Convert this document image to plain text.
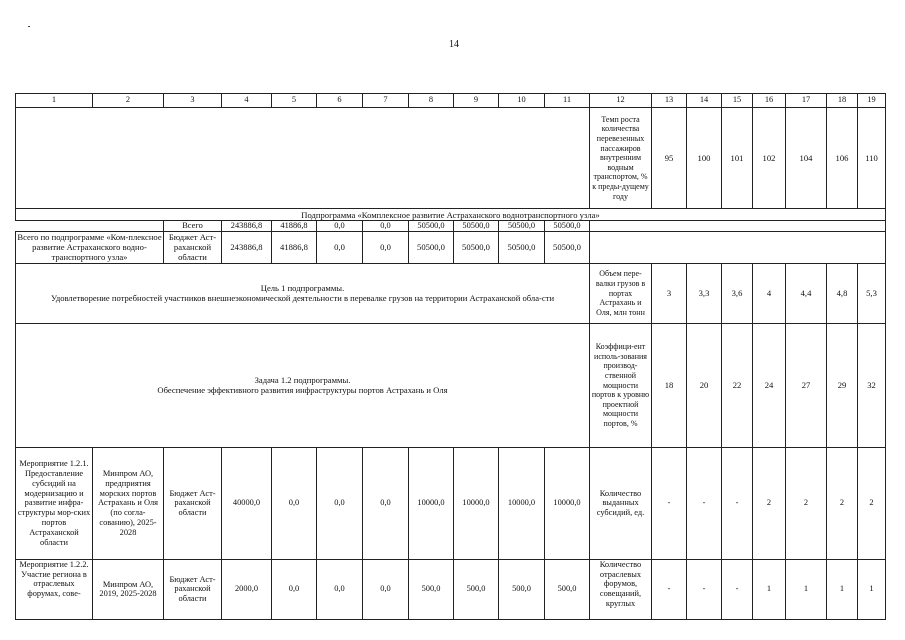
14
1	2	3	4	5	6	7	8	9	10	11	12	13	14	15	16	17	18	19
											Темп роста количества перевезенных пассажиров внутренним водным транспортом, % к преды-дущему году	95	100	101	102	104	106	110
Подпрограмма «Комплексное развитие Астраханского воднотранспортного узла»																		
		Всего	243886,8	41886,8	0,0	0,0	50500,0	50500,0	50500,0	50500,0								
Всего по подпрограмме «Ком-плексное развитие Астраханского воднотранспортного узла»		Бюджет Аст-раханской области	243886,8	41886,8	0,0	0,0	50500,0	50500,0	50500,0	50500,0								

Цель 1 подпрограммы.
Удовлетворение потребностей участников внешнеэкономической деятельности в перевалке грузов на территории Астраханской обла-сти											Объем пере-валки грузов в портах Астрахань и Оля, млн тонн	3	3,3	3,6	4	4,4	4,8	5,3

Задача 1.2 подпрограммы.
Обеспечение эффективного развития инфраструктуры портов Астрахань и Оля											Коэффици-ент исполь-зования производ-ственной мощности портов к уровню проектной мощности портов, %	18	20	22	24	27	29	32
Мероприятие 1.2.1. Предоставление субсидий на модернизацию и развитие инфра-структуры мор-ских портов Астраханской области	Минпром АО, предприятия морских портов Астрахань и Оля (по согла-сованию), 2025-2028	Бюджет Аст-раханской области	40000,0	0,0	0,0	0,0	10000,0	10000,0	10000,0	10000,0	Количество выданных субсидий, ед.	-	-	-	2	2	2	2
Мероприятие 1.2.2. Участие региона в отраслевых форумах, сове-	Минпром АО, 2019, 2025-2028	Бюджет Аст-раханской области	2000,0	0,0	0,0	0,0	500,0	500,0	500,0	500,0	Количество отраслевых форумов, совещаний, круглых	-	-	-	1	1	1	1
